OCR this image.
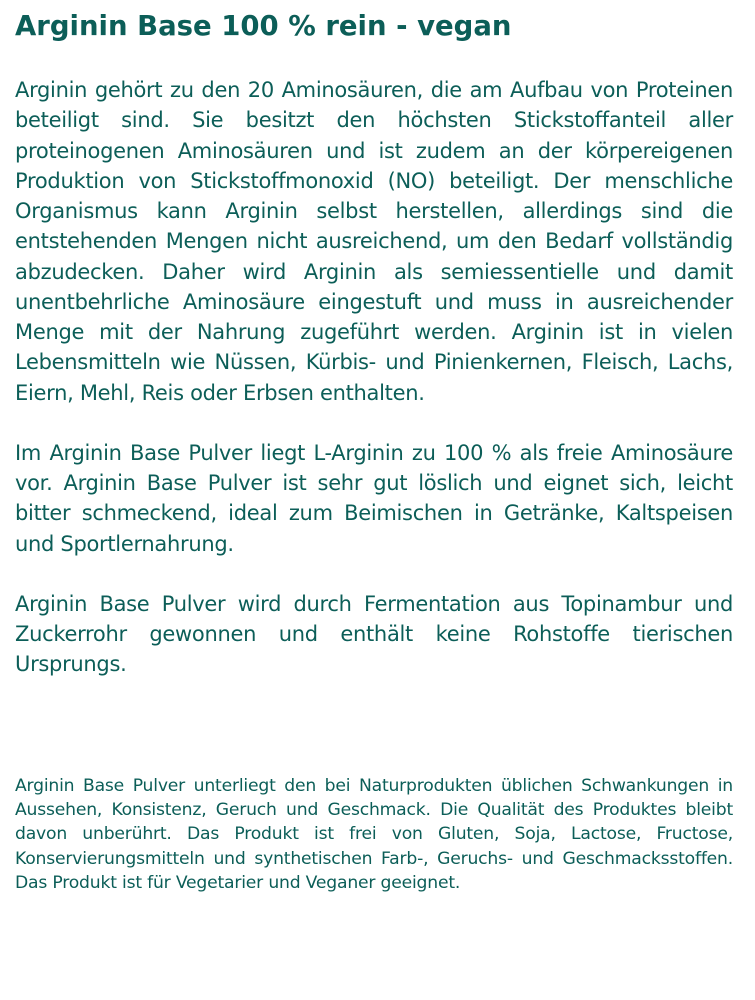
Arginin Base 100 % rein - vegan

Arginin gehört zu den 20 Aminosäuren, die am Aufbau von Proteinen beteiligt sind. Sie besitzt den höchsten Stickstoffanteil aller proteinogenen Aminosäuren und ist zudem an der körpereigenen Produktion von Stickstoffmonoxid (NO) beteiligt. Der menschliche Organismus kann Arginin selbst herstellen, allerdings sind die entstehenden Mengen nicht ausreichend, um den Bedarf vollständig abzudecken. Daher wird Arginin als semiessentielle und damit unentbehrliche Aminosäure eingestuft und muss in ausreichender Menge mit der Nahrung zugeführt werden. Arginin ist in vielen Lebensmitteln wie Nüssen, Kürbis- und Pinienkernen, Fleisch, Lachs, Eiern, Mehl, Reis oder Erbsen enthalten.

Im Arginin Base Pulver liegt L-Arginin zu 100 % als freie Aminosäure vor. Arginin Base Pulver ist sehr gut löslich und eignet sich, leicht bitter schmeckend, ideal zum Beimischen in Getränke, Kaltspeisen und Sportlernahrung.

Arginin Base Pulver wird durch Fermentation aus Topinambur und Zuckerrohr gewonnen und enthält keine Rohstoffe tierischen Ursprungs.

Arginin Base Pulver unterliegt den bei Naturprodukten üblichen Schwankungen in Aussehen, Konsistenz, Geruch und Geschmack. Die Qualität des Produktes bleibt davon unberührt. Das Produkt ist frei von Gluten, Soja, Lactose, Fructose, Konservierungsmitteln und synthetischen Farb-, Geruchs- und Geschmacksstoffen. Das Produkt ist für Vegetarier und Veganer geeignet.
